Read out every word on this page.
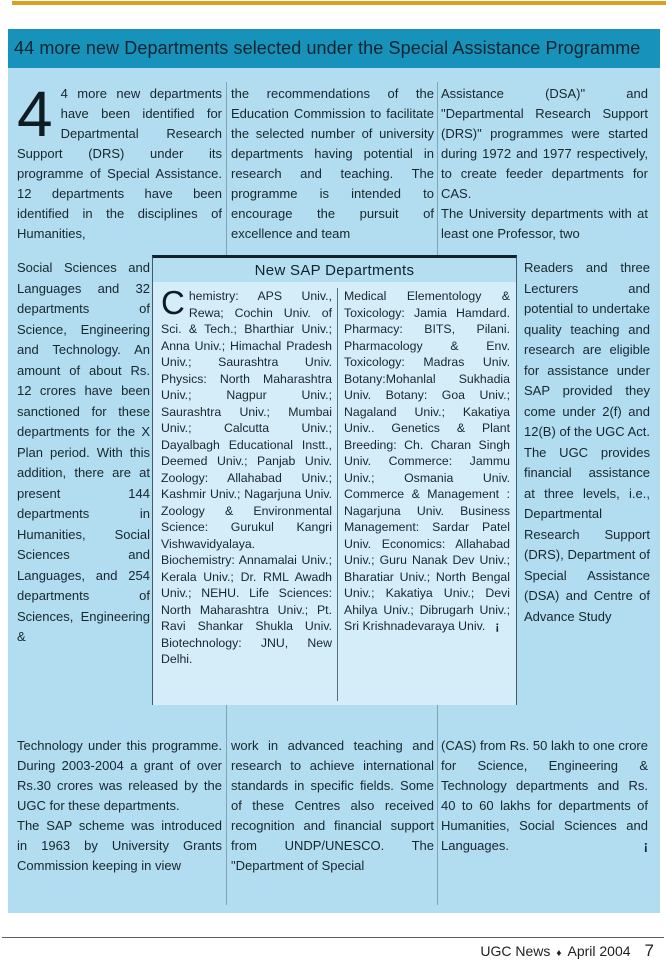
44 more new Departments selected under the Special Assistance Programme

4 4 more new departments have been identified for Departmental Research Support (DRS) under its programme of Special Assistance. 12 departments have been identified in the disciplines of Humanities,

the recommendations of the Education Commission to facilitate the selected number of university departments having potential in research and teaching. The programme is intended to encourage the pursuit of excellence and team

Assistance (DSA)" and "Departmental Research Support (DRS)" programmes were started during 1972 and 1977 respectively, to create feeder departments for CAS.

The University departments with at least one Professor, two

Social Sciences and Languages and 32 departments of Science, Engineering and Technology. An amount of about Rs. 12 crores have been sanctioned for these departments for the X Plan period. With this addition, there are at present 144 departments in Humanities, Social Sciences and Languages, and 254 departments of Sciences, Engineering &

Readers and three Lecturers and potential to undertake quality teaching and research are eligible for assistance under SAP provided they come under 2(f) and 12(B) of the UGC Act. The UGC provides financial assistance at three levels, i.e., Departmental Research Support (DRS), Department of Special Assistance (DSA) and Centre of Advance Study

New SAP Departments

Chemistry: APS Univ., Rewa; Cochin Univ. of Sci. & Tech.; Bharthiar Univ.; Anna Univ.; Himachal Pradesh Univ.; Saurashtra Univ. Physics: North Maharashtra Univ.; Nagpur Univ.; Saurashtra Univ.; Mumbai Univ.; Calcutta Univ.; Dayalbagh Educational Instt., Deemed Univ.; Panjab Univ. Zoology: Allahabad Univ.; Kashmir Univ.; Nagarjuna Univ. Zoology & Environmental Science: Gurukul Kangri Vishwavidyalaya. Biochemistry: Annamalai Univ.; Kerala Univ.; Dr. RML Awadh Univ.; NEHU. Life Sciences: North Maharashtra Univ.; Pt. Ravi Shankar Shukla Univ. Biotechnology: JNU, New Delhi.

Medical Elementology & Toxicology: Jamia Hamdard. Pharmacy: BITS, Pilani. Pharmacology & Env. Toxicology: Madras Univ. Botany:Mohanlal Sukhadia Univ. Botany: Goa Univ.; Nagaland Univ.; Kakatiya Univ.. Genetics & Plant Breeding: Ch. Charan Singh Univ. Commerce: Jammu Univ.; Osmania Univ. Commerce & Management : Nagarjuna Univ. Business Management: Sardar Patel Univ. Economics: Allahabad Univ.; Guru Nanak Dev Univ.; Bharatiar Univ.; North Bengal Univ.; Kakatiya Univ.; Devi Ahilya Univ.; Dibrugarh Univ.; Sri Krishnadevaraya Univ. ¡

Technology under this programme. During 2003-2004 a grant of over Rs.30 crores was released by the UGC for these departments.

The SAP scheme was introduced in 1963 by University Grants Commission keeping in view

work in advanced teaching and research to achieve international standards in specific fields. Some of these Centres also received recognition and financial support from UNDP/UNESCO. The "Department of Special

(CAS) from Rs. 50 lakh to one crore for Science, Engineering & Technology departments and Rs. 40 to 60 lakhs for departments of Humanities, Social Sciences and Languages.	¡

UGC News ♦ April 2004 7
